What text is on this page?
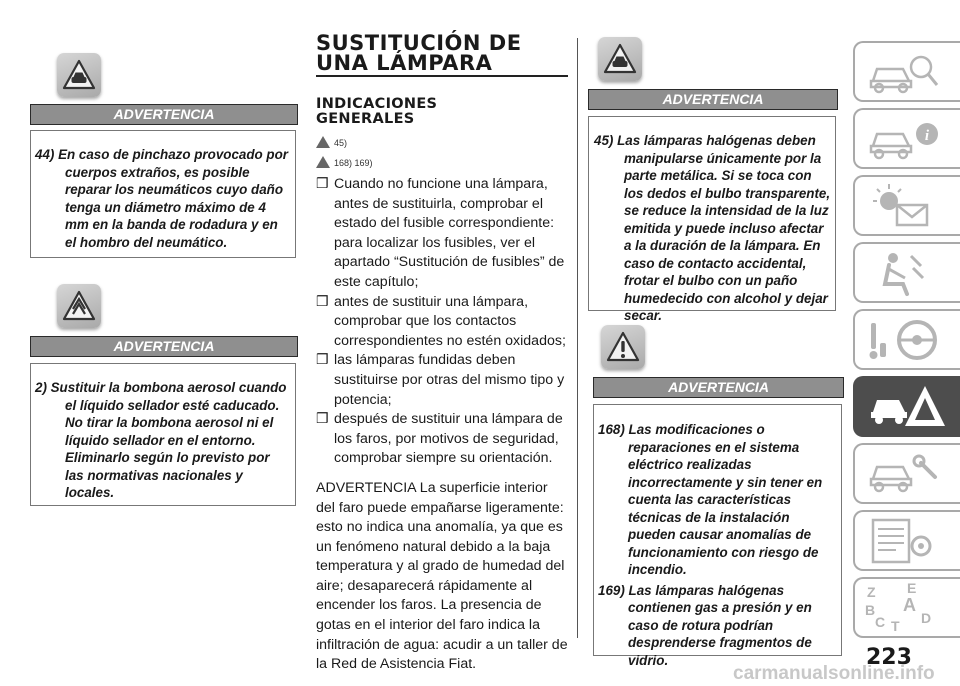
ADVERTENCIA

44) En caso de pinchazo provocado por cuerpos extraños, es posible reparar los neumáticos cuyo daño tenga un diámetro máximo de 4 mm en la banda de rodadura y en el hombro del neumático.

ADVERTENCIA

2) Sustituir la bombona aerosol cuando el líquido sellador esté caducado. No tirar la bombona aerosol ni el líquido sellador en el entorno. Eliminarlo según lo previsto por las normativas nacionales y locales.

SUSTITUCIÓN DE
UNA LÁMPARA
INDICACIONES
GENERALES
45)
168) 169)

❒ Cuando no funcione una lámpara, antes de sustituirla, comprobar el estado del fusible correspondiente: para localizar los fusibles, ver el apartado “Sustitución de fusibles” de este capítulo;

❒ antes de sustituir una lámpara, comprobar que los contactos correspondientes no estén oxidados;

❒ las lámparas fundidas deben sustituirse por otras del mismo tipo y potencia;

❒ después de sustituir una lámpara de los faros, por motivos de seguridad, comprobar siempre su orientación.

ADVERTENCIA La superficie interior del faro puede empañarse ligeramente: esto no indica una anomalía, ya que es un fenómeno natural debido a la baja temperatura y al grado de humedad del aire; desaparecerá rápidamente al encender los faros. La presencia de gotas en el interior del faro indica la infiltración de agua: acudir a un taller de la Red de Asistencia Fiat.

ADVERTENCIA

45) Las lámparas halógenas deben manipularse únicamente por la parte metálica. Si se toca con los dedos el bulbo transparente, se reduce la intensidad de la luz emitida y puede incluso afectar a la duración de la lámpara. En caso de contacto accidental, frotar el bulbo con un paño humedecido con alcohol y dejar secar.

ADVERTENCIA

168) Las modificaciones o reparaciones en el sistema eléctrico realizadas incorrectamente y sin tener en cuenta las características técnicas de la instalación pueden causar anomalías de funcionamiento con riesgo de incendio.

169) Las lámparas halógenas contienen gas a presión y en caso de rotura podrían desprenderse fragmentos de vidrio.

i
Z E
B A
C T D
223
carmanualsonline.info
